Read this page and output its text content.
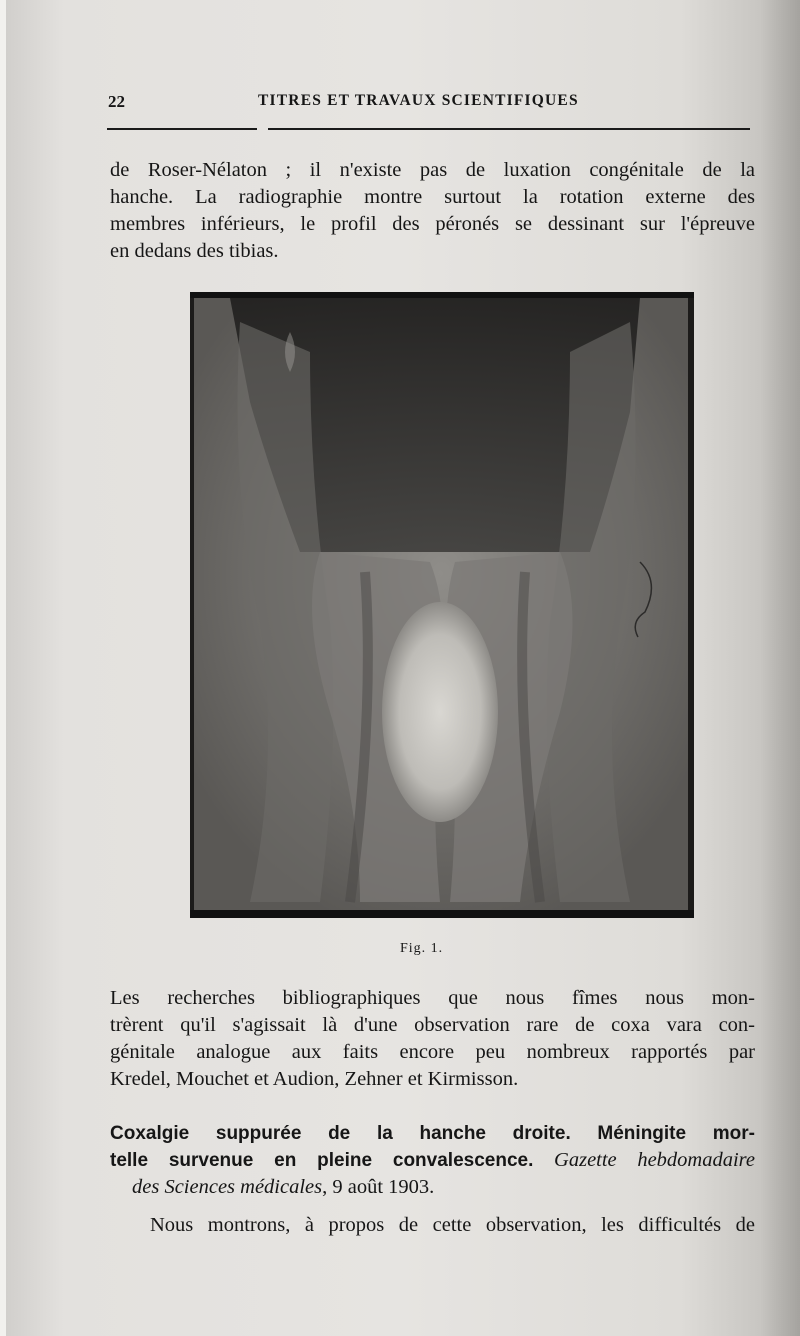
22	TITRES ET TRAVAUX SCIENTIFIQUES
de Roser-Nélaton ; il n'existe pas de luxation congénitale de la
hanche. La radiographie montre surtout la rotation externe des
membres inférieurs, le profil des péronés se dessinant sur l'épreuve
en dedans des tibias.
Fig. 1.
Les recherches bibliographiques que nous fîmes nous mon-
trèrent qu'il s'agissait là d'une observation rare de coxa vara con-
génitale analogue aux faits encore peu nombreux rapportés par
Kredel, Mouchet et Audion, Zehner et Kirmisson.
Coxalgie suppurée de la hanche droite. Méningite mor-
telle survenue en pleine convalescence. Gazette hebdomadaire
des Sciences médicales, 9 août 1903.
Nous montrons, à propos de cette observation, les difficultés de
